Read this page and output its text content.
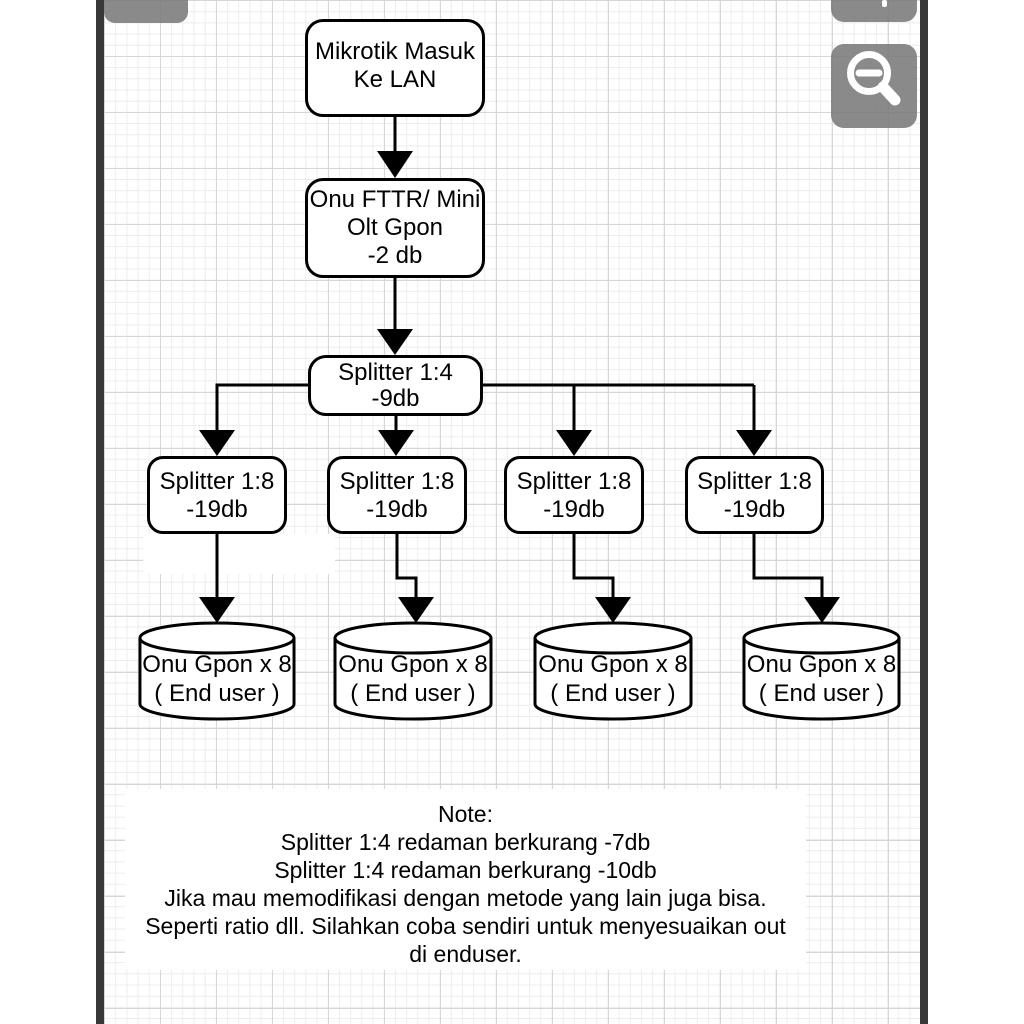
Mikrotik Masuk
Ke LAN
Onu FTTR/ Mini
Olt Gpon
-2 db
Splitter 1:4
-9db
Splitter 1:8
-19db
Splitter 1:8
-19db
Splitter 1:8
-19db
Splitter 1:8
-19db
Onu Gpon x 8 ( End user )
Onu Gpon x 8 ( End user )
Onu Gpon x 8 ( End user )
Onu Gpon x 8 ( End user )
Note:
Splitter 1:4 redaman berkurang -7db
Splitter 1:4 redaman berkurang -10db
Jika mau memodifikasi dengan metode yang lain juga bisa.
Seperti ratio dll. Silahkan coba sendiri untuk menyesuaikan out
di enduser.
